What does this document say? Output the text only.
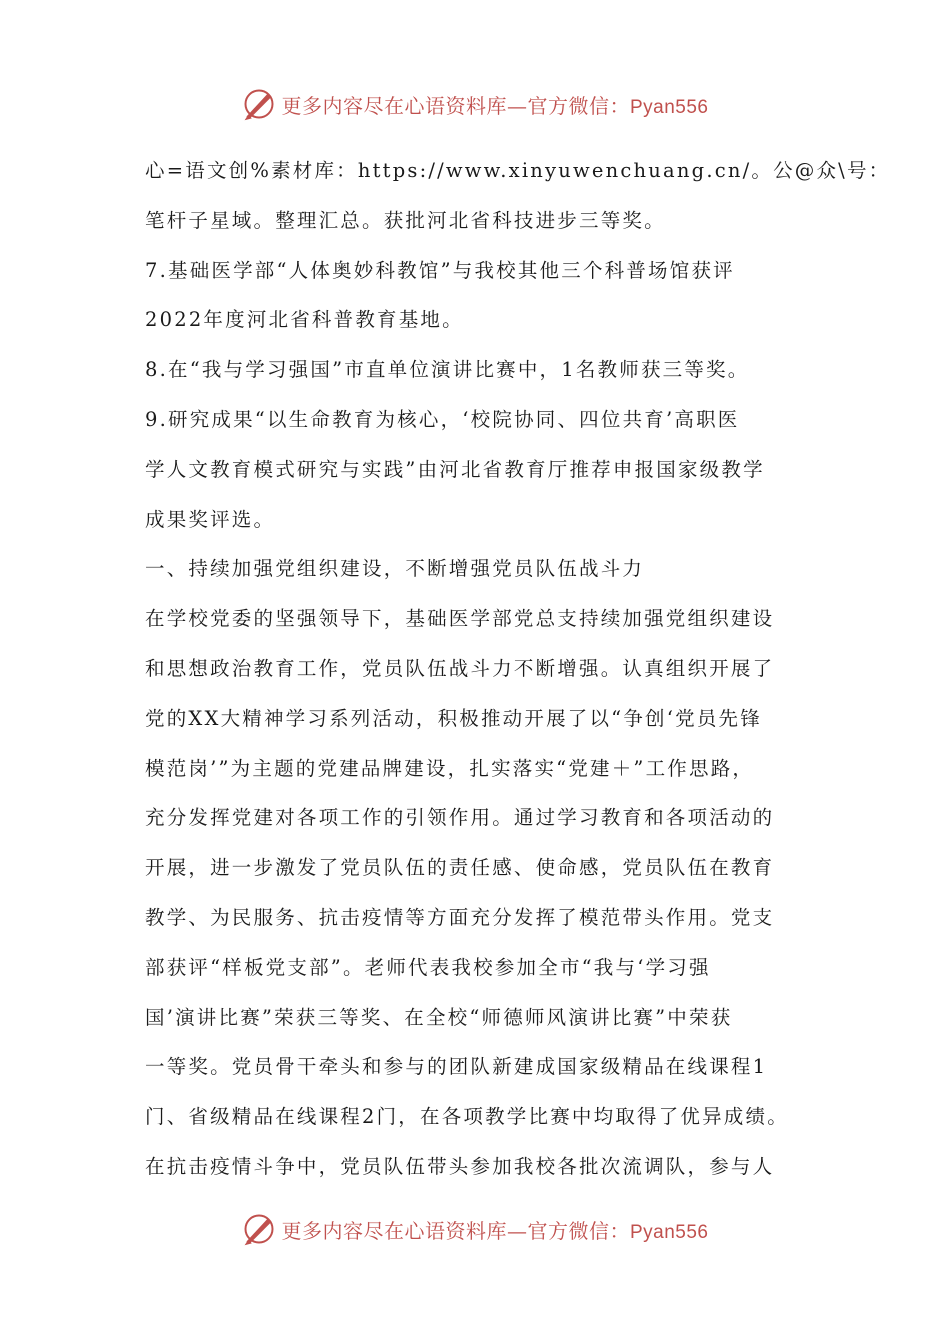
更多内容尽在心语资料库—官方微信：Pyan556
心=语文创%素材库：https://www.xinyuwenchuang.cn/。公@众\号：
笔杆子星域。整理汇总。获批河北省科技进步三等奖。
7.基础医学部“人体奥妙科教馆”与我校其他三个科普场馆获评
2022年度河北省科普教育基地。
8.在“我与学习强国”市直单位演讲比赛中，1名教师获三等奖。
9.研究成果“以生命教育为核心，‘校院协同、四位共育’高职医
学人文教育模式研究与实践”由河北省教育厅推荐申报国家级教学
成果奖评选。
一、持续加强党组织建设，不断增强党员队伍战斗力
在学校党委的坚强领导下，基础医学部党总支持续加强党组织建设
和思想政治教育工作，党员队伍战斗力不断增强。认真组织开展了
党的XX大精神学习系列活动，积极推动开展了以“争创‘党员先锋
模范岗’”为主题的党建品牌建设，扎实落实“党建＋”工作思路，
充分发挥党建对各项工作的引领作用。通过学习教育和各项活动的
开展，进一步激发了党员队伍的责任感、使命感，党员队伍在教育
教学、为民服务、抗击疫情等方面充分发挥了模范带头作用。党支
部获评“样板党支部”。老师代表我校参加全市“我与‘学习强
国’演讲比赛”荣获三等奖、在全校“师德师风演讲比赛”中荣获
一等奖。党员骨干牵头和参与的团队新建成国家级精品在线课程1
门、省级精品在线课程2门，在各项教学比赛中均取得了优异成绩。
在抗击疫情斗争中，党员队伍带头参加我校各批次流调队，参与人
更多内容尽在心语资料库—官方微信：Pyan556
